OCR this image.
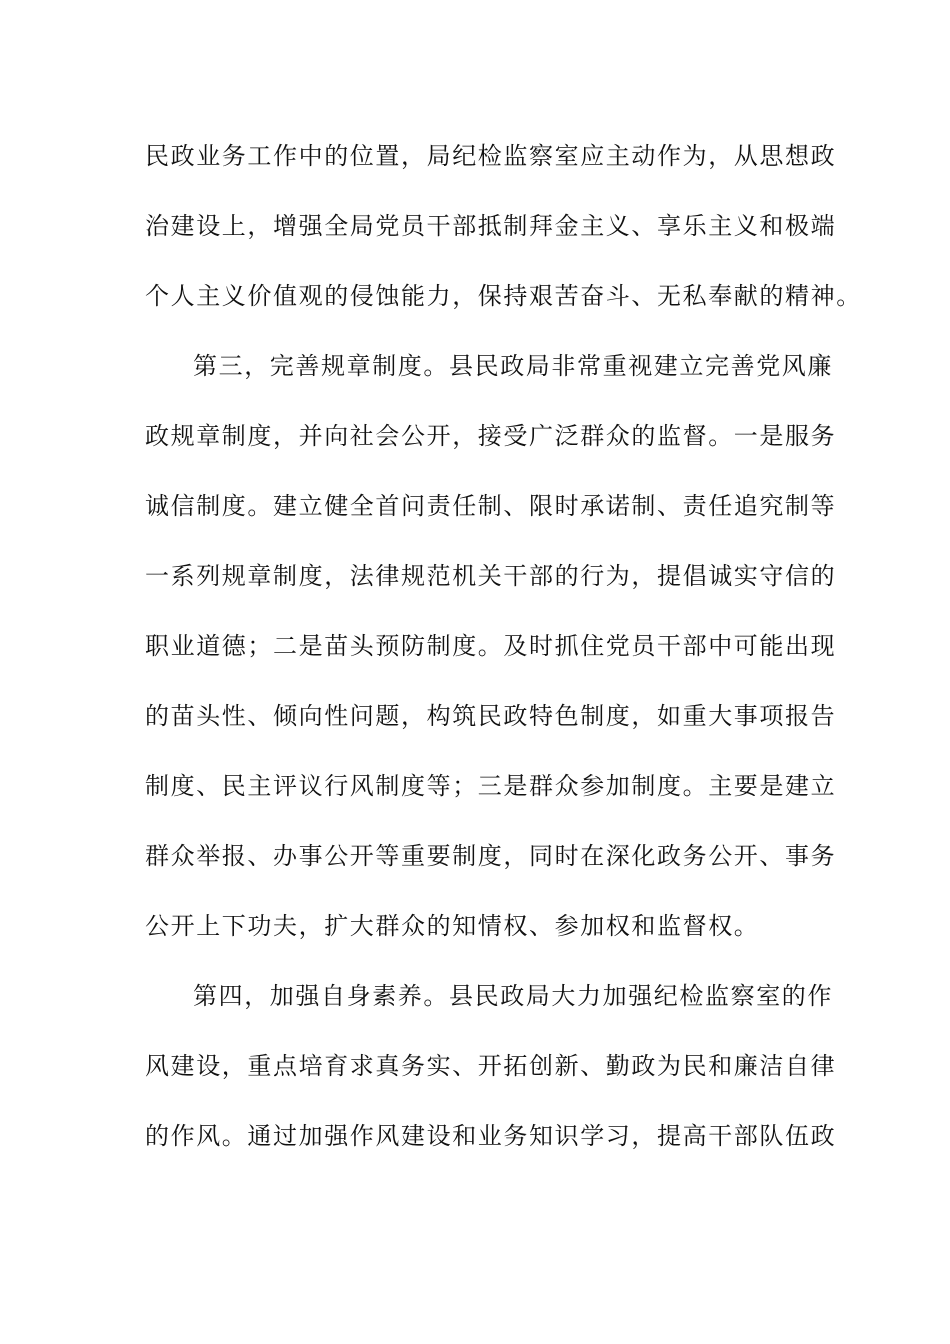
民政业务工作中的位置，局纪检监察室应主动作为，从思想政
治建设上，增强全局党员干部抵制拜金主义、享乐主义和极端
个人主义价值观的侵蚀能力，保持艰苦奋斗、无私奉献的精神。
第三，完善规章制度。县民政局非常重视建立完善党风廉
政规章制度，并向社会公开，接受广泛群众的监督。一是服务
诚信制度。建立健全首问责任制、限时承诺制、责任追究制等
一系列规章制度，法律规范机关干部的行为，提倡诚实守信的
职业道德；二是苗头预防制度。及时抓住党员干部中可能出现
的苗头性、倾向性问题，构筑民政特色制度，如重大事项报告
制度、民主评议行风制度等；三是群众参加制度。主要是建立
群众举报、办事公开等重要制度，同时在深化政务公开、事务
公开上下功夫，扩大群众的知情权、参加权和监督权。
第四，加强自身素养。县民政局大力加强纪检监察室的作
风建设，重点培育求真务实、开拓创新、勤政为民和廉洁自律
的作风。通过加强作风建设和业务知识学习，提高干部队伍政
